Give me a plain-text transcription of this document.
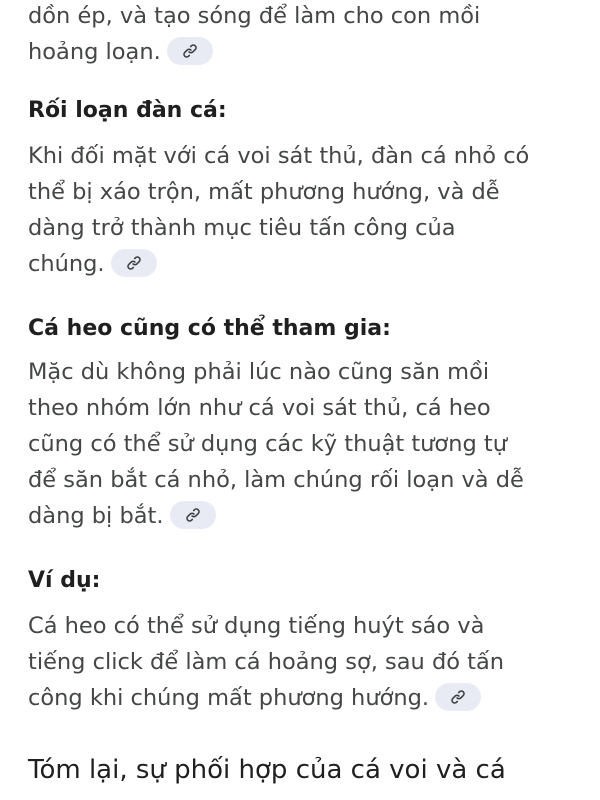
dồn ép, và tạo sóng để làm cho con mồi
hoảng loạn.

Rối loạn đàn cá:

Khi đối mặt với cá voi sát thủ, đàn cá nhỏ có
thể bị xáo trộn, mất phương hướng, và dễ
dàng trở thành mục tiêu tấn công của
chúng.

Cá heo cũng có thể tham gia:

Mặc dù không phải lúc nào cũng săn mồi
theo nhóm lớn như cá voi sát thủ, cá heo
cũng có thể sử dụng các kỹ thuật tương tự
để săn bắt cá nhỏ, làm chúng rối loạn và dễ
dàng bị bắt.

Ví dụ:

Cá heo có thể sử dụng tiếng huýt sáo và
tiếng click để làm cá hoảng sợ, sau đó tấn
công khi chúng mất phương hướng.

Tóm lại, sự phối hợp của cá voi và cá
